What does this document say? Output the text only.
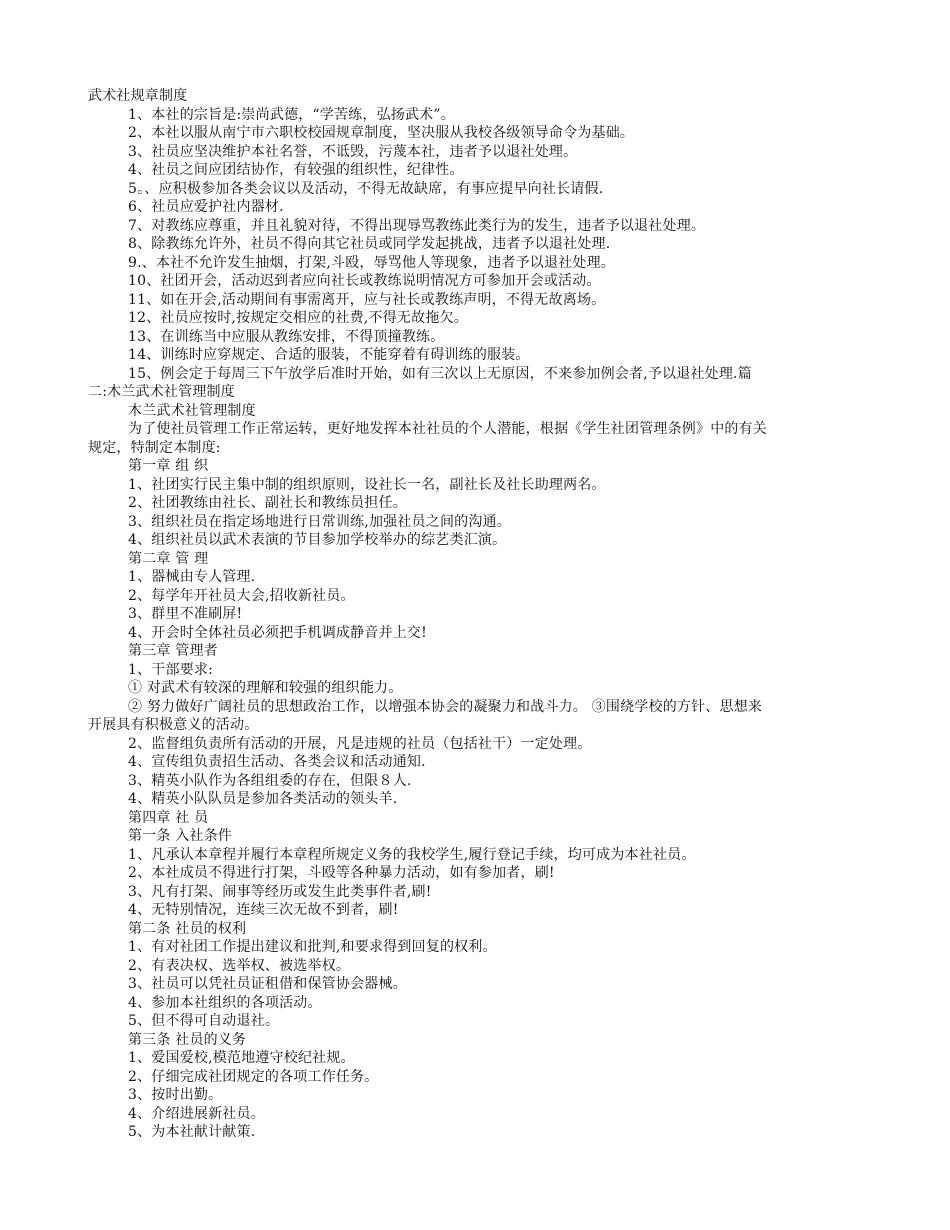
武术社规章制度
1、本社的宗旨是:崇尚武德，“学苦练，弘扬武术”。
2、本社以服从南宁市六职校校园规章制度，坚决服从我校各级领导命令为基础。
3、社员应坚决维护本社名誉，不诋毁，污蔑本社，违者予以退社处理。
4、社员之间应团结协作，有较强的组织性，纪律性。
5。、应积极参加各类会议以及活动，不得无故缺席，有事应提早向社长请假.
6、社员应爱护社内器材.
7、对教练应尊重，并且礼貌对待，不得出现辱骂教练此类行为的发生，违者予以退社处理。
8、除教练允许外，社员不得向其它社员或同学发起挑战，违者予以退社处理.
9.、本社不允许发生抽烟，打架,斗殴，辱骂他人等现象，违者予以退社处理。
10、社团开会，活动迟到者应向社长或教练说明情况方可参加开会或活动。
11、如在开会,活动期间有事需离开，应与社长或教练声明，不得无故离场。
12、社员应按时,按规定交相应的社费,不得无故拖欠。
13、在训练当中应服从教练安排，不得顶撞教练。
14、训练时应穿规定、合适的服装，不能穿着有碍训练的服装。
15、例会定于每周三下午放学后准时开始，如有三次以上无原因，不来参加例会者,予以退社处理.篇
二:木兰武术社管理制度
木兰武术社管理制度
为了使社员管理工作正常运转，更好地发挥本社社员的个人潜能，根据《学生社团管理条例》中的有关
规定，特制定本制度:
第一章 组 织
1、社团实行民主集中制的组织原则，设社长一名，副社长及社长助理两名。
2、社团教练由社长、副社长和教练员担任。
3、组织社员在指定场地进行日常训练,加强社员之间的沟通。
4、组织社员以武术表演的节目参加学校举办的综艺类汇演。
第二章 管 理
1、器械由专人管理.
2、每学年开社员大会,招收新社员。
3、群里不准刷屏!
4、开会时全体社员必须把手机调成静音并上交!
第三章 管理者
1、干部要求:
① 对武术有较深的理解和较强的组织能力。
② 努力做好广阔社员的思想政治工作，以增强本协会的凝聚力和战斗力。 ③围绕学校的方针、思想来
开展具有积极意义的活动。
2、监督组负责所有活动的开展，凡是违规的社员（包括社干）一定处理。
4、宣传组负责招生活动、各类会议和活动通知.
3、精英小队作为各组组委的存在，但限８人.
4、精英小队队员是参加各类活动的领头羊.
第四章 社 员
第一条 入社条件
1、凡承认本章程并履行本章程所规定义务的我校学生,履行登记手续，均可成为本社社员。
2、本社成员不得进行打架，斗殴等各种暴力活动，如有参加者，刷!
3、凡有打架、闹事等经历或发生此类事件者,刷!
4、无特别情况，连续三次无故不到者，刷!
第二条 社员的权利
1、有对社团工作提出建议和批判,和要求得到回复的权利。
2、有表决权、选举权、被选举权。
3、社员可以凭社员证租借和保管协会器械。
4、参加本社组织的各项活动。
5、但不得可自动退社。
第三条 社员的义务
1、爱国爱校,模范地遵守校纪社规。
2、仔细完成社团规定的各项工作任务。
3、按时出勤。
4、介绍进展新社员。
5、为本社献计献策.
